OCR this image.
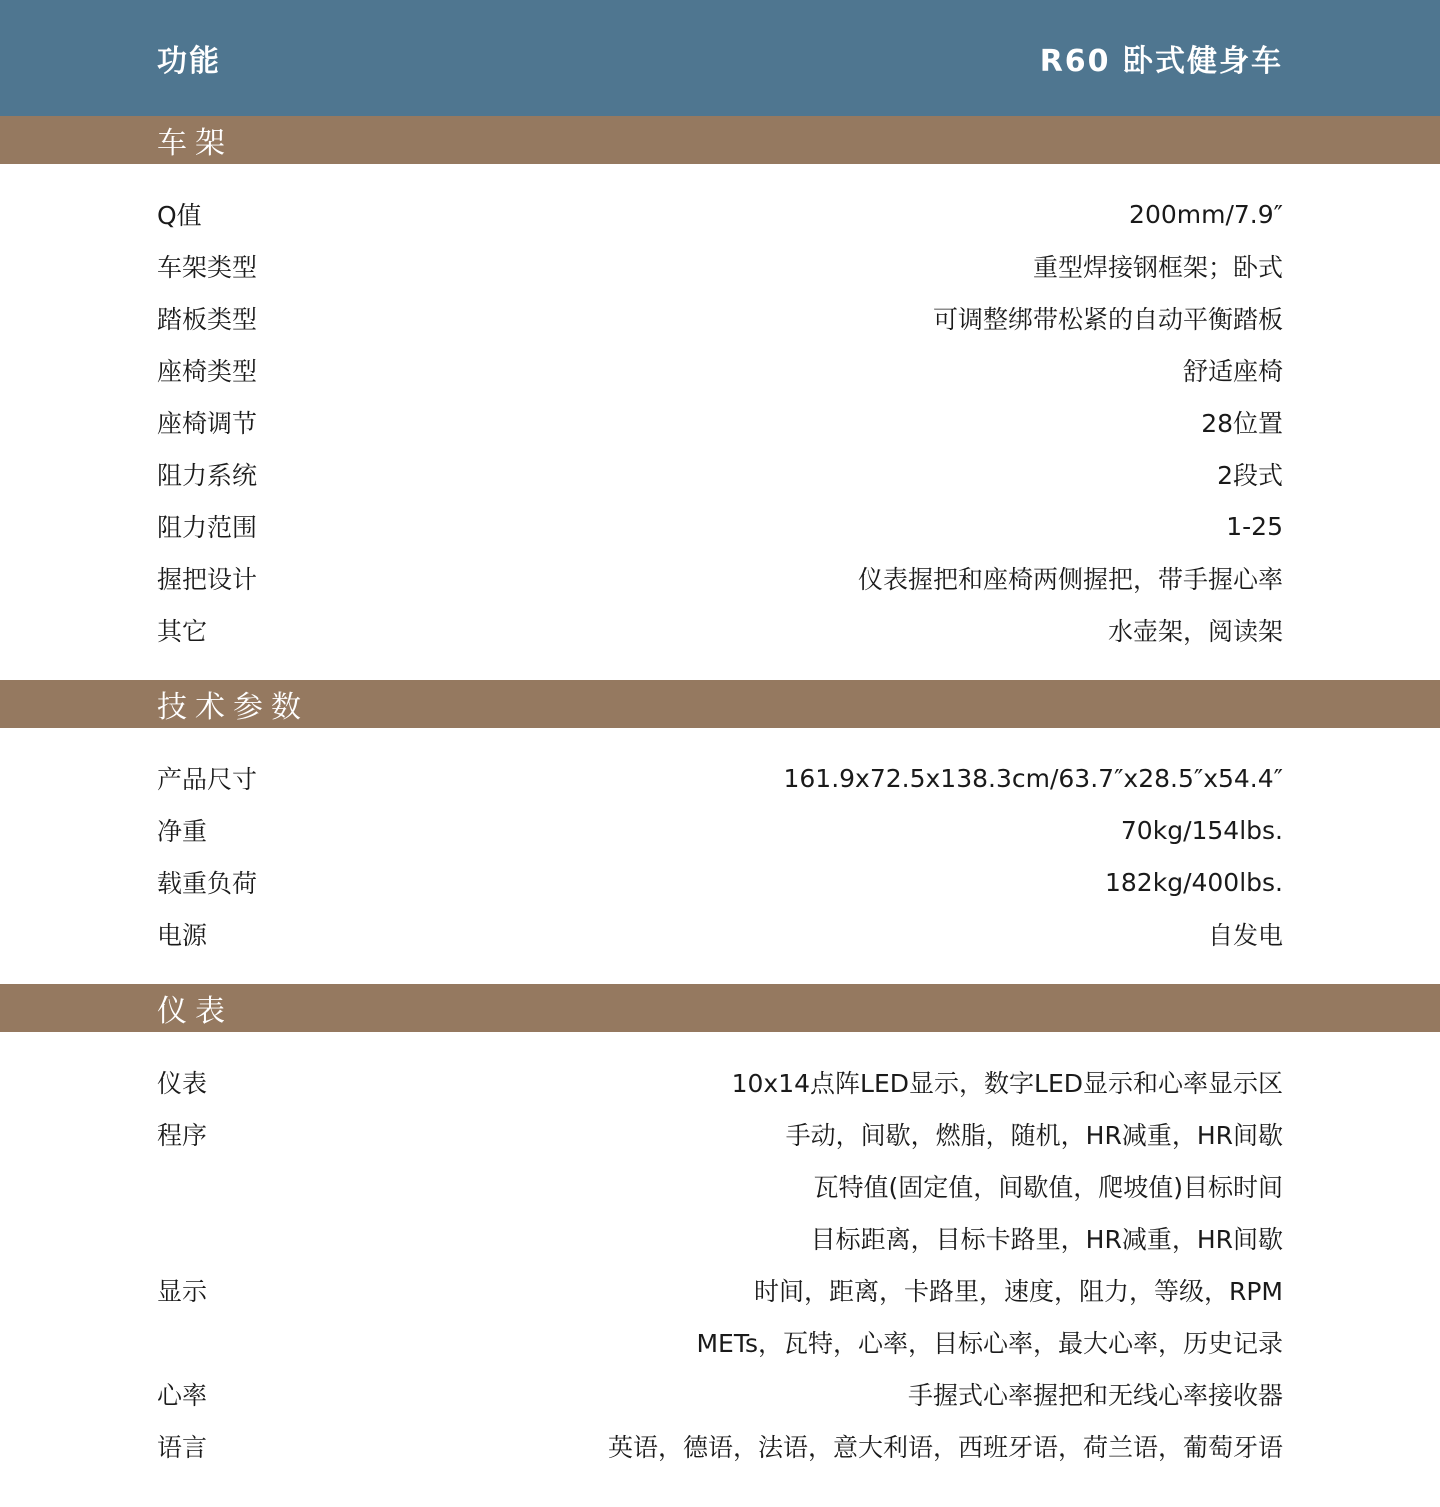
功能	R60 卧式健身车
车架
Q值	200mm/7.9″
车架类型	重型焊接钢框架；卧式
踏板类型	可调整绑带松紧的自动平衡踏板
座椅类型	舒适座椅
座椅调节	28位置
阻力系统	2段式
阻力范围	1-25
握把设计	仪表握把和座椅两侧握把，带手握心率
其它	水壶架，阅读架
技术参数
产品尺寸	161.9x72.5x138.3cm/63.7″x28.5″x54.4″
净重	70kg/154lbs.
载重负荷	182kg/400lbs.
电源	自发电
仪表
仪表	10x14点阵LED显示，数字LED显示和心率显示区
程序	手动，间歇，燃脂，随机，HR减重，HR间歇
瓦特值(固定值，间歇值，爬坡值)目标时间
目标距离，目标卡路里，HR减重，HR间歇
显示	时间，距离，卡路里，速度，阻力，等级，RPM
METs，瓦特，心率，目标心率，最大心率，历史记录
心率	手握式心率握把和无线心率接收器
语言	英语，德语，法语，意大利语，西班牙语，荷兰语，葡萄牙语
